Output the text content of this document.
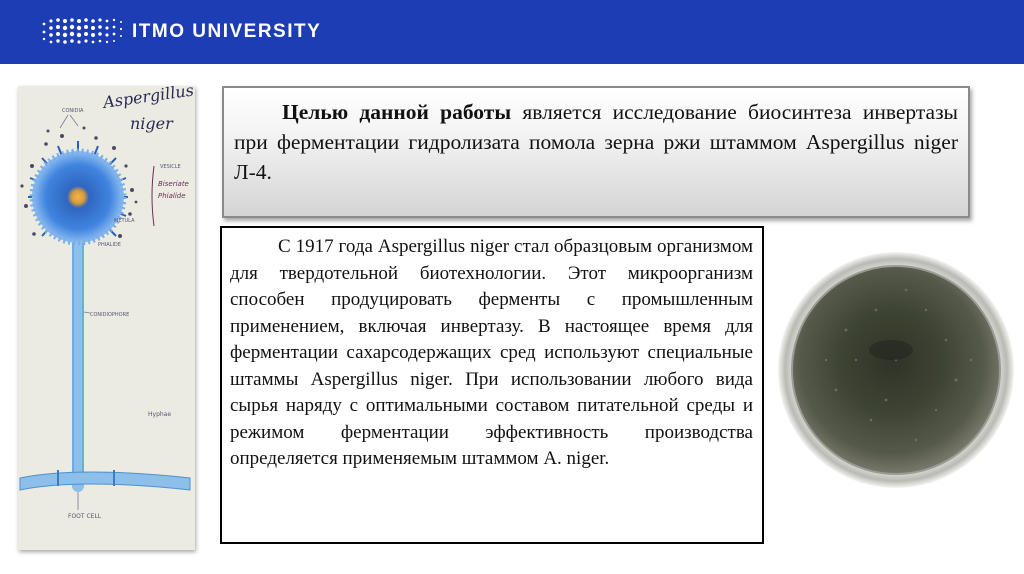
ITMO UNIVERSITY
Aspergillus
niger
CONIDIA
VESICLE
Biseriate
Phialide
METULA
PHIALIDE
CONIDIOPHORE
Hyphae
FOOT CELL
Целью данной работы является исследование биосинтеза инвертазы при ферментации гидролизата помола зерна ржи штаммом Aspergillus niger Л-4.
С 1917 года Aspergillus niger стал образцовым организмом для твердотельной биотехнологии. Этот микроорганизм способен продуцировать ферменты с промышленным применением, включая инвертазу. В настоящее время для ферментации сахарсодержащих сред используют специальные штаммы Aspergillus niger. При использовании любого вида сырья наряду с оптимальными составом питательной среды и режимом ферментации эффективность производства определяется применяемым штаммом A. niger.
